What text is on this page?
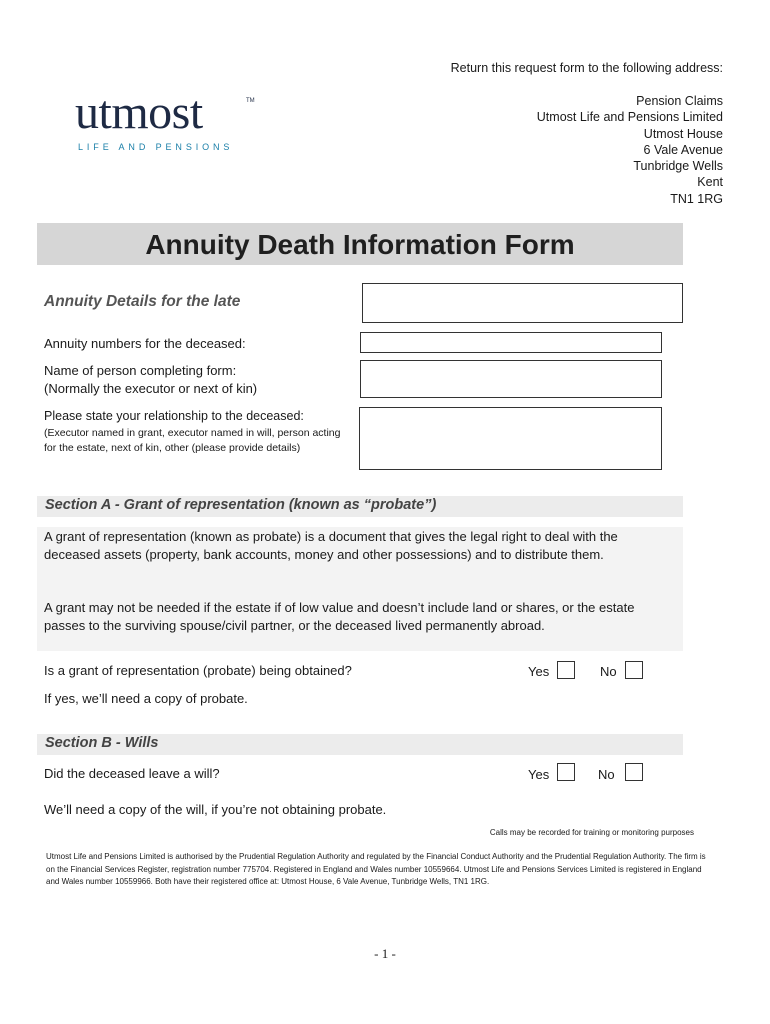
Return this request form to the following address:
Pension Claims
Utmost Life and Pensions Limited
Utmost House
6 Vale Avenue
Tunbridge Wells
Kent
TN1 1RG
utmost	TM
LIFE AND PENSIONS
Annuity Death Information Form
Annuity Details for the late
Annuity numbers for the deceased:
Name of person completing form:
(Normally the executor or next of kin)
Please state your relationship to the deceased:
(Executor named in grant, executor named in will, person acting for the estate, next of kin, other (please provide details)
Section A - Grant of representation (known as “probate”)
A grant of representation (known as probate) is a document that gives the legal right to deal with the deceased assets (property, bank accounts, money and other possessions) and to distribute them.
A grant may not be needed if the estate if of low value and doesn’t include land or shares, or the estate passes to the surviving spouse/civil partner, or the deceased lived permanently abroad.
Is a grant of representation (probate) being obtained?	Yes	No
If yes, we’ll need a copy of probate.
Section B - Wills
Did the deceased leave a will?	Yes	No
We’ll need a copy of the will, if you’re not obtaining probate.
Calls may be recorded for training or monitoring purposes
Utmost Life and Pensions Limited is authorised by the Prudential Regulation Authority and regulated by the Financial Conduct Authority and the Prudential Regulation Authority. The firm is on the Financial Services Register, registration number 775704. Registered in England and Wales number 10559664. Utmost Life and Pensions Services Limited is registered in England and Wales number 10559966. Both have their registered office at: Utmost House, 6 Vale Avenue, Tunbridge Wells, TN1 1RG.
- 1 -
